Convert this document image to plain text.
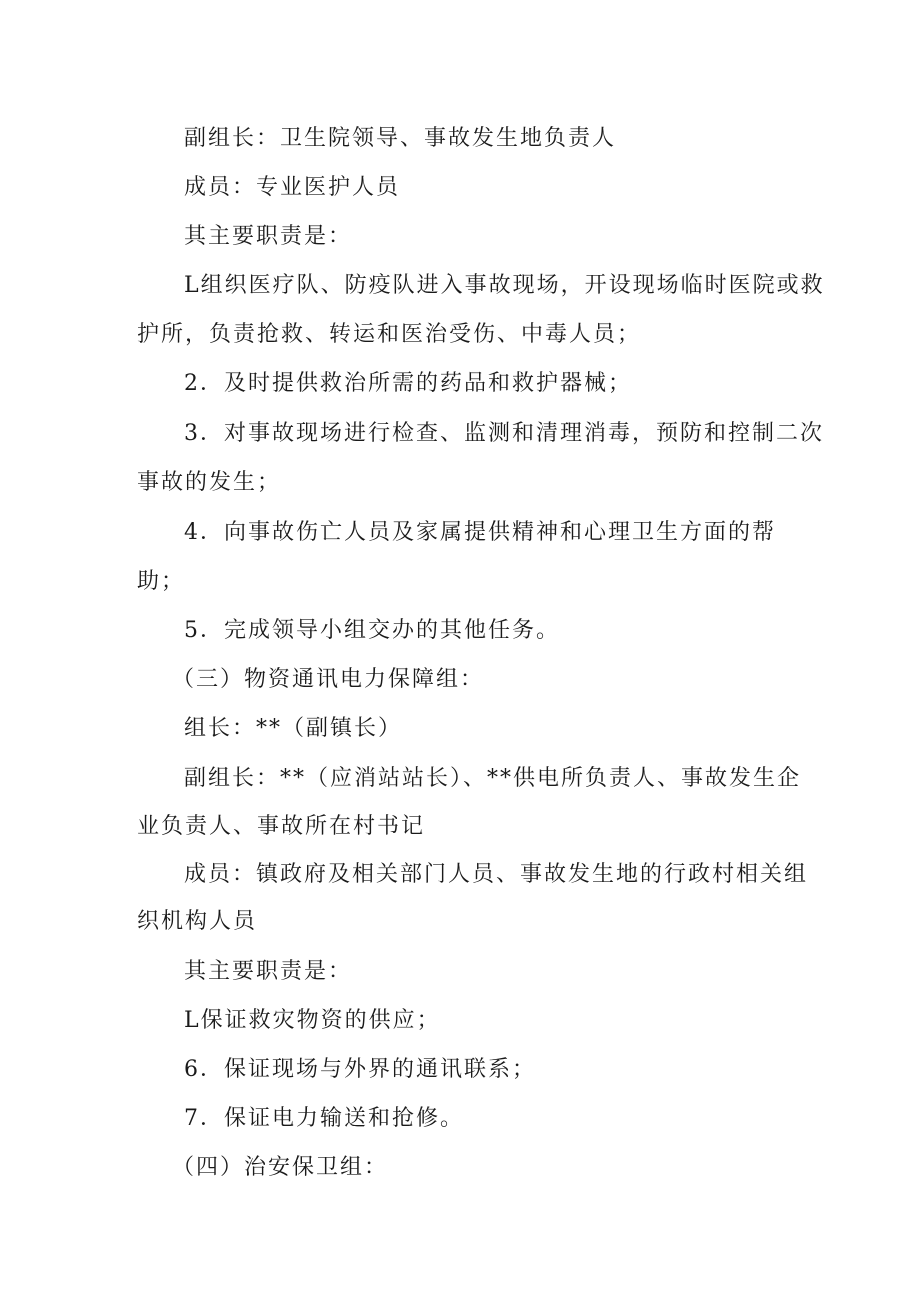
副组长：卫生院领导、事故发生地负责人
成员：专业医护人员
其主要职责是：
L组织医疗队、防疫队进入事故现场，开设现场临时医院或救
护所，负责抢救、转运和医治受伤、中毒人员；
2．及时提供救治所需的药品和救护器械；
3．对事故现场进行检查、监测和清理消毒，预防和控制二次
事故的发生；
4．向事故伤亡人员及家属提供精神和心理卫生方面的帮
助；
5．完成领导小组交办的其他任务。
（三）物资通讯电力保障组：
组长：**（副镇长）
副组长：**（应消站站长）、**供电所负责人、事故发生企
业负责人、事故所在村书记
成员：镇政府及相关部门人员、事故发生地的行政村相关组
织机构人员
其主要职责是：
L保证救灾物资的供应；
6．保证现场与外界的通讯联系；
7．保证电力输送和抢修。
（四）治安保卫组：
